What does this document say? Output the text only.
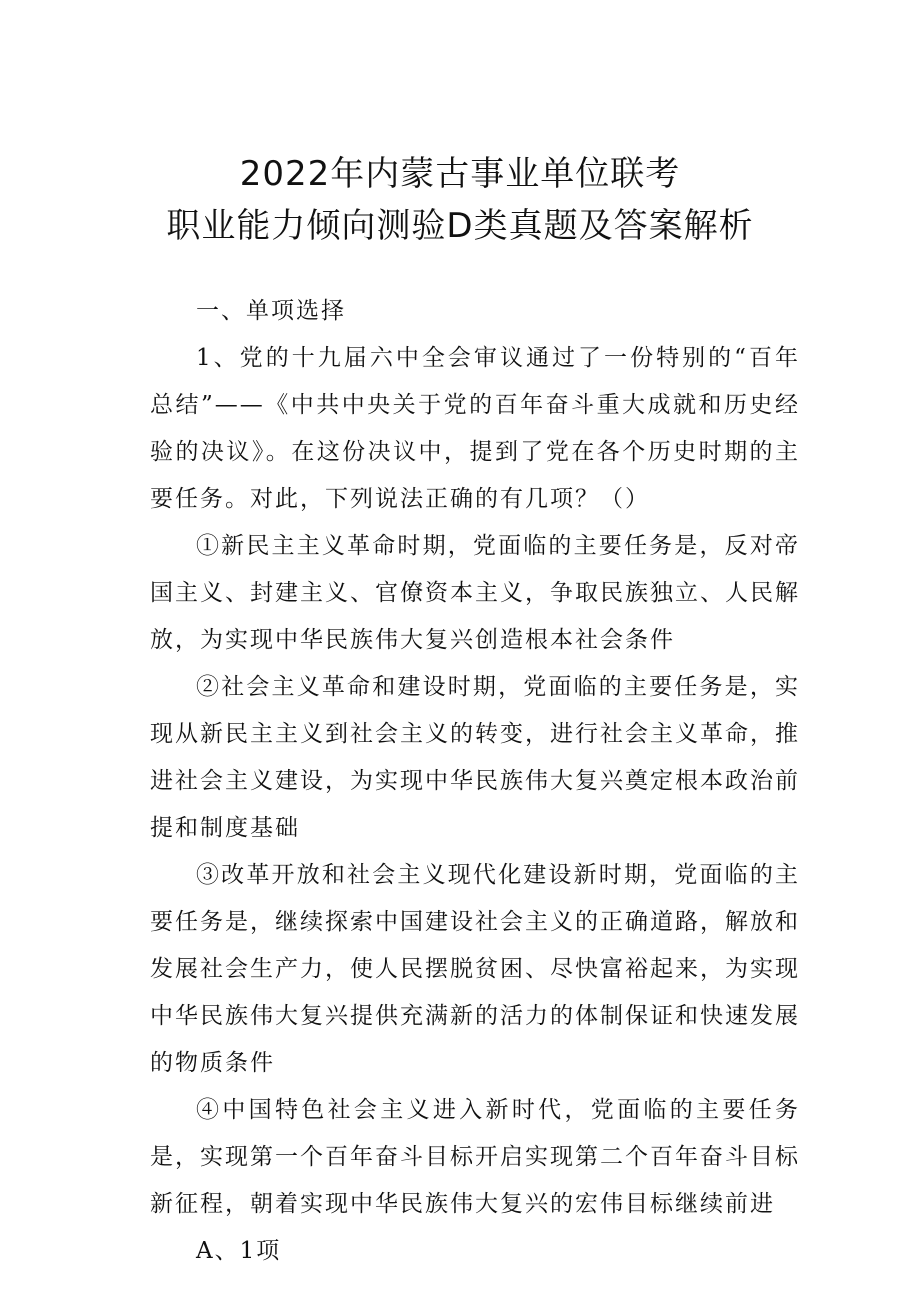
2022年内蒙古事业单位联考
职业能力倾向测验D类真题及答案解析

一、单项选择

1、党的十九届六中全会审议通过了一份特别的“百年总结”——《中共中央关于党的百年奋斗重大成就和历史经验的决议》。在这份决议中，提到了党在各个历史时期的主要任务。对此，下列说法正确的有几项？（）

①新民主主义革命时期，党面临的主要任务是，反对帝国主义、封建主义、官僚资本主义，争取民族独立、人民解放，为实现中华民族伟大复兴创造根本社会条件

②社会主义革命和建设时期，党面临的主要任务是，实现从新民主主义到社会主义的转变，进行社会主义革命，推进社会主义建设，为实现中华民族伟大复兴奠定根本政治前提和制度基础

③改革开放和社会主义现代化建设新时期，党面临的主要任务是，继续探索中国建设社会主义的正确道路，解放和发展社会生产力，使人民摆脱贫困、尽快富裕起来，为实现中华民族伟大复兴提供充满新的活力的体制保证和快速发展的物质条件

④中国特色社会主义进入新时代，党面临的主要任务是，实现第一个百年奋斗目标开启实现第二个百年奋斗目标新征程，朝着实现中华民族伟大复兴的宏伟目标继续前进

A、1项
